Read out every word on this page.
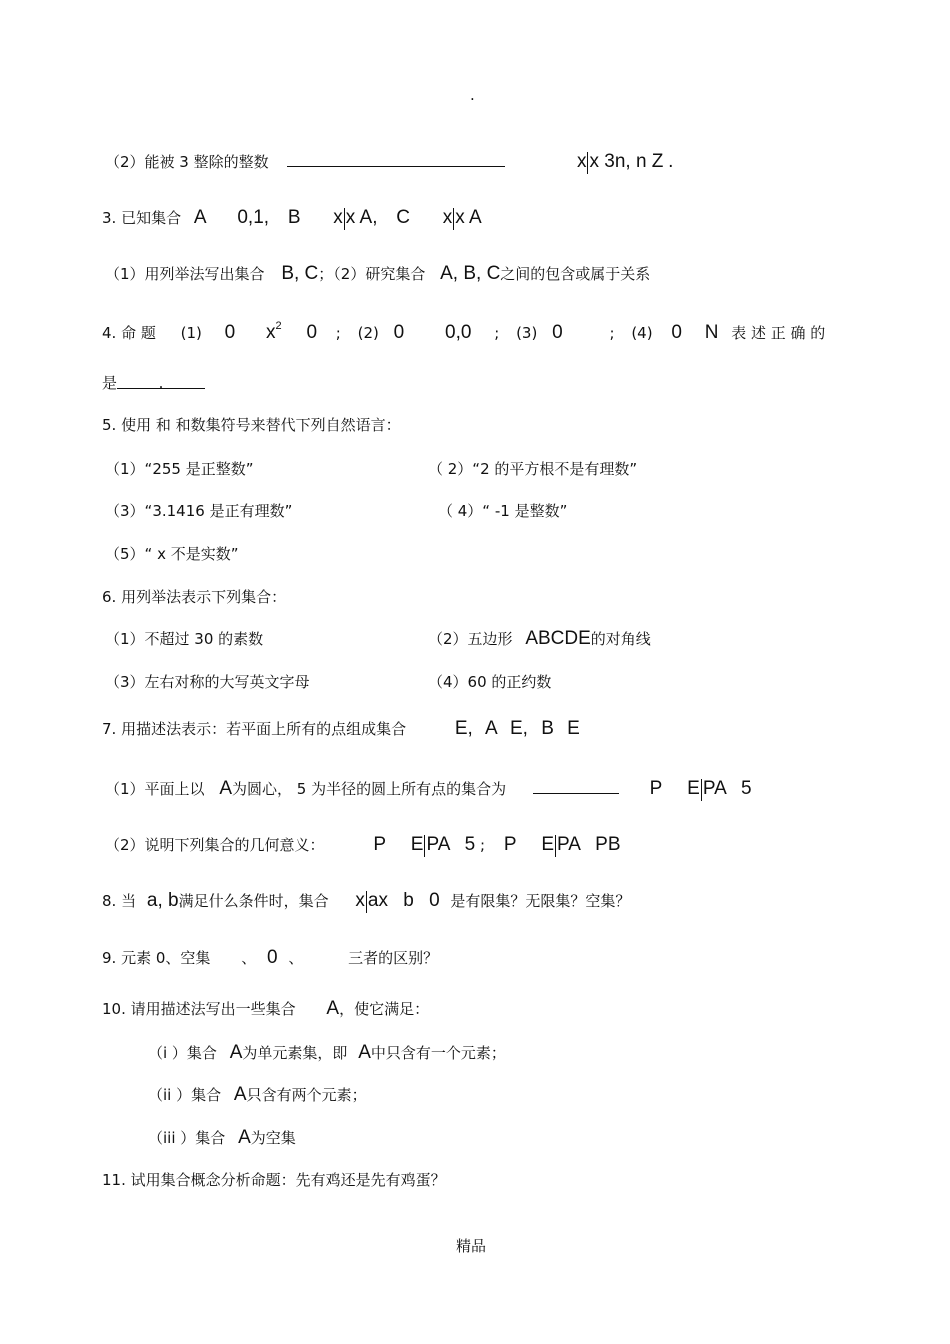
.
（2）能被 3 整除的整数	x x 3n, n Z .
3. 已知集合 A 0,1, B x x A, C x x A
（1）用列举法写出集合 B, C；（2）研究集合 A, B, C之间的包含或属于关系
4. 命 题 (1) 0 $x^2$ 0 ; (2) 0 0,0 ; (3) 0	; (4) 0 N 表 述 正 确 的
是	.
5. 使用 和 和数集符号来替代下列自然语言：
（1）“255 是正整数”	（ 2）“2 的平方根不是有理数”
（3）“3.1416 是正有理数”	（ 4）“ -1 是整数”
（5）“ x 不是实数”
6. 用列举法表示下列集合：
（1）不超过 30 的素数	（2）五边形 ABCDE的对角线
（3）左右对称的大写英文字母	（4）60 的正约数
7. 用描述法表示：若平面上所有的点组成集合	E, A E, B E
（1）平面上以 A为圆心， 5 为半径的圆上所有点的集合为	P E PA 5
（2）说明下列集合的几何意义：	P E PA 5 ; P E PA PB
8. 当 a, b满足什么条件时，集合 x ax b 0 是有限集？无限集？空集？
9. 元素 0、空集 、 0 、	三者的区别？
10. 请用描述法写出一些集合 A，使它满足：
（i ）集合 A为单元素集，即 A中只含有一个元素；
（ii ）集合 A只含有两个元素；
（iii ）集合 A为空集
11. 试用集合概念分析命题：先有鸡还是先有鸡蛋？
精品
